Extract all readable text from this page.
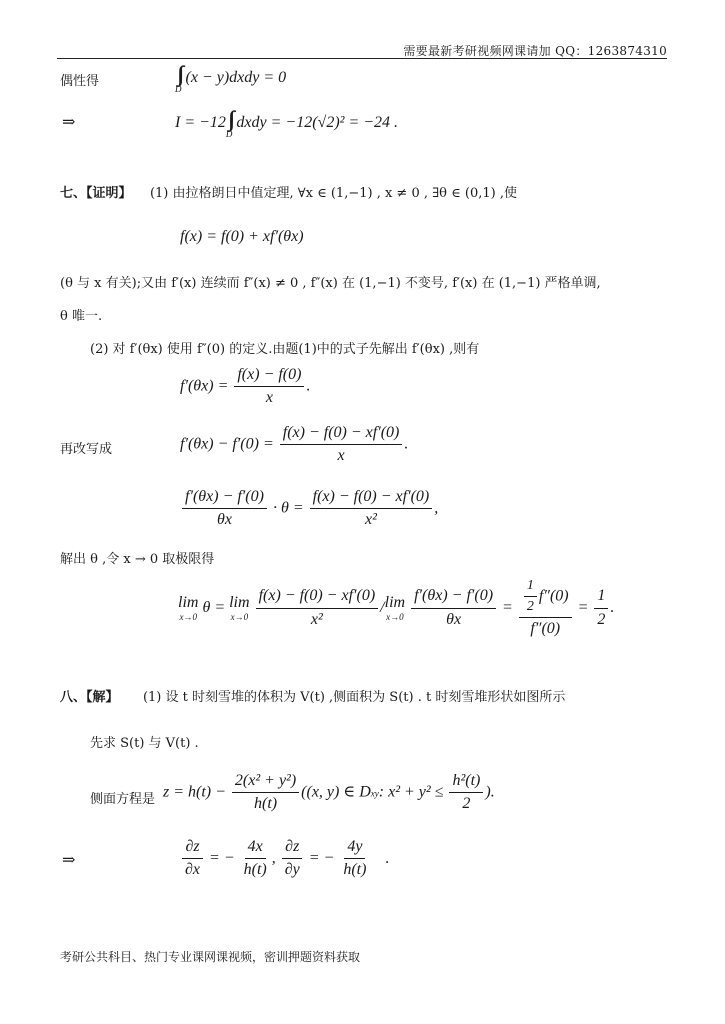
需要最新考研视频网课请加 QQ：1263874310
偶性得	∫∫
D
(x − y)dxdy = 0
⇒	I = −12 ∫∫
D
dxdy = −12(√2)² = −24 .
七、【证明】 (1) 由拉格朗日中值定理, ∀x ∈ (1,−1) , x ≠ 0 , ∃θ ∈ (0,1) ,使
f(x) = f(0) + xf′(θx)
(θ 与 x 有关);又由 f′(x) 连续而 f″(x) ≠ 0 , f″(x) 在 (1,−1) 不变号, f′(x) 在 (1,−1) 严格单调,
θ 唯一.
(2) 对 f′(θx) 使用 f″(0) 的定义.由题(1)中的式子先解出 f′(θx) ,则有
$f'(\theta x) = \frac{f(x) - f(0)}{x}$ .
再改写成	$f'(\theta x) - f'(0) = \frac{f(x) - f(0) - xf'(0)}{x}$ .
$\frac{f'(\theta x) - f'(0)}{\theta x} \cdot \theta = \frac{f(x) - f(0) - xf'(0)}{\text{x²}}$ ,
解出 θ ,令 x → 0 取极限得
lim
x→0
θ = lim
x→0
$\frac{f(x) - f(0) - xf'(0)}{\text{x²}}$ / lim
x→0
$\frac{f'(\theta x) - f'(0)}{\theta x} = \frac{\frac{1}{2} f''(0)}{f''(0)} = \frac{1}{2}$ .
八、【解】 (1) 设 t 时刻雪堆的体积为 V(t) ,侧面积为 S(t) . t 时刻雪堆形状如图所示
先求 S(t) 与 V(t) .
侧面方程是 $z = h(t) - \frac{\text{2(x² + y²)}}{h(t)} ((x$, y) ∈ Dxy: $x^2 + y^2 \le \frac{\text{h²(t)}}{2}$ ).
⇒	$\frac{\partial z}{\partial x}$ = − $\frac{4x}{h(t)}$ , $\frac{\partial z}{\partial y}$ = − $\frac{4y}{h(t)}$ .
考研公共科目、热门专业课网课视频，密训押题资料获取
